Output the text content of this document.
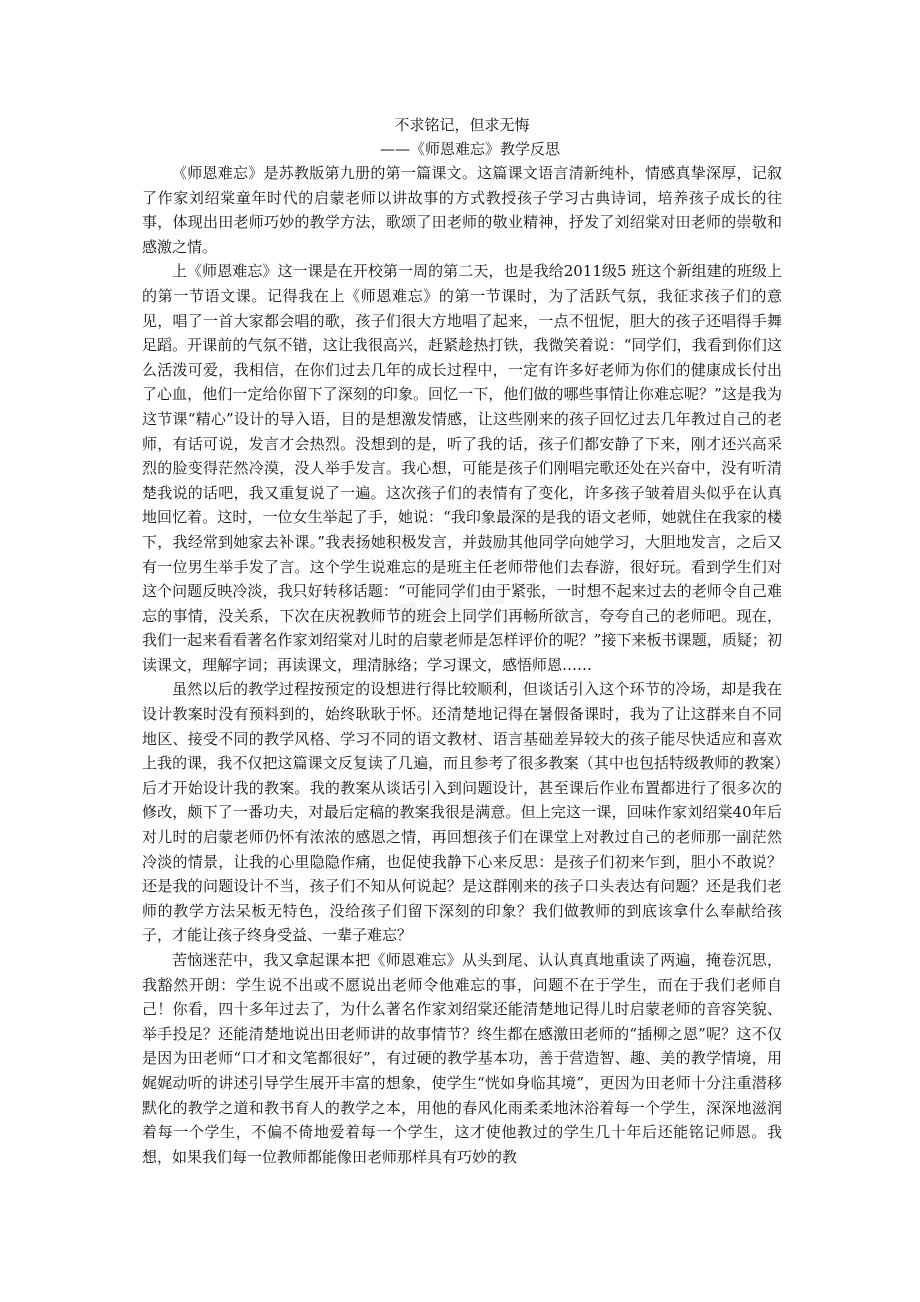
不求铭记，但求无悔
——《师恩难忘》教学反思

《师恩难忘》是苏教版第九册的第一篇课文。这篇课文语言清新纯朴，情感真挚深厚，记叙了作家刘绍棠童年时代的启蒙老师以讲故事的方式教授孩子学习古典诗词，培养孩子成长的往事，体现出田老师巧妙的教学方法，歌颂了田老师的敬业精神，抒发了刘绍棠对田老师的崇敬和感激之情。

上《师恩难忘》这一课是在开校第一周的第二天，也是我给2011级5 班这个新组建的班级上的第一节语文课。记得我在上《师恩难忘》的第一节课时，为了活跃气氛，我征求孩子们的意见，唱了一首大家都会唱的歌，孩子们很大方地唱了起来，一点不忸怩，胆大的孩子还唱得手舞足蹈。开课前的气氛不错，这让我很高兴，赶紧趁热打铁，我微笑着说：“同学们，我看到你们这么活泼可爱，我相信，在你们过去几年的成长过程中，一定有许多好老师为你们的健康成长付出了心血，他们一定给你留下了深刻的印象。回忆一下，他们做的哪些事情让你难忘呢？”这是我为这节课“精心”设计的导入语，目的是想激发情感，让这些刚来的孩子回忆过去几年教过自己的老师，有话可说，发言才会热烈。没想到的是，听了我的话，孩子们都安静了下来，刚才还兴高采烈的脸变得茫然冷漠，没人举手发言。我心想，可能是孩子们刚唱完歌还处在兴奋中，没有听清楚我说的话吧，我又重复说了一遍。这次孩子们的表情有了变化，许多孩子皱着眉头似乎在认真地回忆着。这时，一位女生举起了手，她说：“我印象最深的是我的语文老师，她就住在我家的楼下，我经常到她家去补课。”我表扬她积极发言，并鼓励其他同学向她学习，大胆地发言，之后又有一位男生举手发了言。这个学生说难忘的是班主任老师带他们去春游，很好玩。看到学生们对这个问题反映冷淡，我只好转移话题：“可能同学们由于紧张，一时想不起来过去的老师令自己难忘的事情，没关系，下次在庆祝教师节的班会上同学们再畅所欲言，夸夸自己的老师吧。现在，我们一起来看看著名作家刘绍棠对儿时的启蒙老师是怎样评价的呢？”接下来板书课题，质疑；初读课文，理解字词；再读课文，理清脉络；学习课文，感悟师恩……

虽然以后的教学过程按预定的设想进行得比较顺利，但谈话引入这个环节的冷场，却是我在设计教案时没有预料到的，始终耿耿于怀。还清楚地记得在暑假备课时，我为了让这群来自不同地区、接受不同的教学风格、学习不同的语文教材、语言基础差异较大的孩子能尽快适应和喜欢上我的课，我不仅把这篇课文反复读了几遍，而且参考了很多教案（其中也包括特级教师的教案）后才开始设计我的教案。我的教案从谈话引入到问题设计，甚至课后作业布置都进行了很多次的修改，颇下了一番功夫，对最后定稿的教案我很是满意。但上完这一课，回味作家刘绍棠40年后对儿时的启蒙老师仍怀有浓浓的感恩之情，再回想孩子们在课堂上对教过自己的老师那一副茫然冷淡的情景，让我的心里隐隐作痛，也促使我静下心来反思：是孩子们初来乍到，胆小不敢说？还是我的问题设计不当，孩子们不知从何说起？是这群刚来的孩子口头表达有问题？还是我们老师的教学方法呆板无特色，没给孩子们留下深刻的印象？我们做教师的到底该拿什么奉献给孩子，才能让孩子终身受益、一辈子难忘？

苦恼迷茫中，我又拿起课本把《师恩难忘》从头到尾、认认真真地重读了两遍，掩卷沉思，我豁然开朗：学生说不出或不愿说出老师令他难忘的事，问题不在于学生，而在于我们老师自己！你看，四十多年过去了，为什么著名作家刘绍棠还能清楚地记得儿时启蒙老师的音容笑貌、举手投足？还能清楚地说出田老师讲的故事情节？终生都在感激田老师的“插柳之恩”呢？这不仅是因为田老师“口才和文笔都很好”，有过硬的教学基本功，善于营造智、趣、美的教学情境，用娓娓动听的讲述引导学生展开丰富的想象，使学生“恍如身临其境”，更因为田老师十分注重潜移默化的教学之道和教书育人的教学之本，用他的春风化雨柔柔地沐浴着每一个学生，深深地滋润着每一个学生，不偏不倚地爱着每一个学生，这才使他教过的学生几十年后还能铭记师恩。我想，如果我们每一位教师都能像田老师那样具有巧妙的教
